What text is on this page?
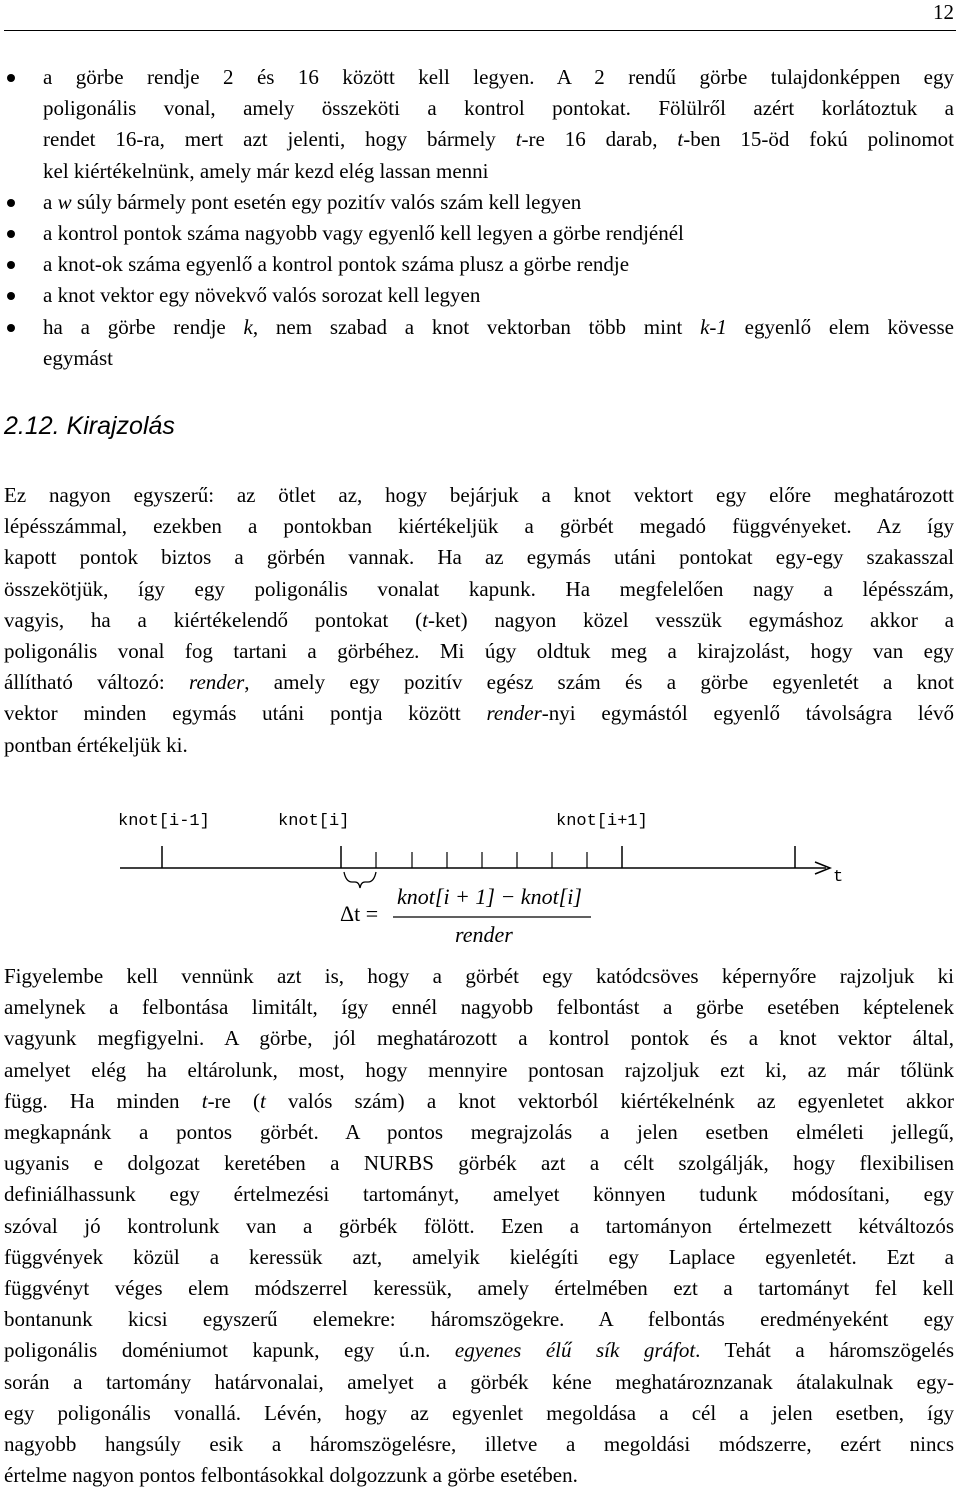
12
a görbe rendje 2 és 16 között kell legyen. A 2 rendű görbe tulajdonképpen egy
poligonális vonal, amely összeköti a kontrol pontokat. Fölülről azért korlátoztuk a
rendet 16-ra, mert azt jelenti, hogy bármely t-re 16 darab, t-ben 15-öd fokú polinomot
kel kiértékelnünk, amely már kezd elég lassan menni
a w súly bármely pont esetén egy pozitív valós szám kell legyen
a kontrol pontok száma nagyobb vagy egyenlő kell legyen a görbe rendjénél
a knot-ok száma egyenlő a kontrol pontok száma plusz a görbe rendje
a knot vektor egy növekvő valós sorozat kell legyen
ha a görbe rendje k, nem szabad a knot vektorban több mint k-1 egyenlő elem kövesse
egymást
2.12. Kirajzolás
Ez nagyon egyszerű: az ötlet az, hogy bejárjuk a knot vektort egy előre meghatározott
lépésszámmal, ezekben a pontokban kiértékeljük a görbét megadó függvényeket. Az így
kapott pontok biztos a görbén vannak. Ha az egymás utáni pontokat egy-egy szakasszal
összekötjük, így egy poligonális vonalat kapunk. Ha megfelelően nagy a lépésszám,
vagyis, ha a kiértékelendő pontokat (t-ket) nagyon közel vesszük egymáshoz akkor a
poligonális vonal fog tartani a görbéhez. Mi úgy oldtuk meg a kirajzolást, hogy van egy
állítható változó: render, amely egy pozitív egész szám és a görbe egyenletét a knot
vektor minden egymás utáni pontja között render-nyi egymástól egyenlő távolságra lévő
pontban értékeljük ki.
knot[i-1]	knot[i]	knot[i+1]
t
Δt =
knot[i + 1] − knot[i]
render
Figyelembe kell vennünk azt is, hogy a görbét egy katódcsöves képernyőre rajzoljuk ki
amelynek a felbontása limitált, így ennél nagyobb felbontást a görbe esetében képtelenek
vagyunk megfigyelni. A görbe, jól meghatározott a kontrol pontok és a knot vektor által,
amelyet elég ha eltárolunk, most, hogy mennyire pontosan rajzoljuk ezt ki, az már tőlünk
függ. Ha minden t-re (t valós szám) a knot vektorból kiértékelnénk az egyenletet akkor
megkapnánk a pontos görbét. A pontos megrajzolás a jelen esetben elméleti jellegű,
ugyanis e dolgozat keretében a NURBS görbék azt a célt szolgálják, hogy flexibilisen
definiálhassunk egy értelmezési tartományt, amelyet könnyen tudunk módosítani, egy
szóval jó kontrolunk van a görbék fölött. Ezen a tartományon értelmezett kétváltozós
függvények közül a keressük azt, amelyik kielégíti egy Laplace egyenletét. Ezt a
függvényt véges elem módszerrel keressük, amely értelmében ezt a tartományt fel kell
bontanunk kicsi egyszerű elemekre: háromszögekre. A felbontás eredményeként egy
poligonális doméniumot kapunk, egy ú.n. egyenes élű sík gráfot. Tehát a háromszögelés
során a tartomány határvonalai, amelyet a görbék kéne meghatároznzanak átalakulnak egy-
egy poligonális vonallá. Lévén, hogy az egyenlet megoldása a cél a jelen esetben, így
nagyobb hangsúly esik a háromszögelésre, illetve a megoldási módszerre, ezért nincs
értelme nagyon pontos felbontásokkal dolgozzunk a görbe esetében.
